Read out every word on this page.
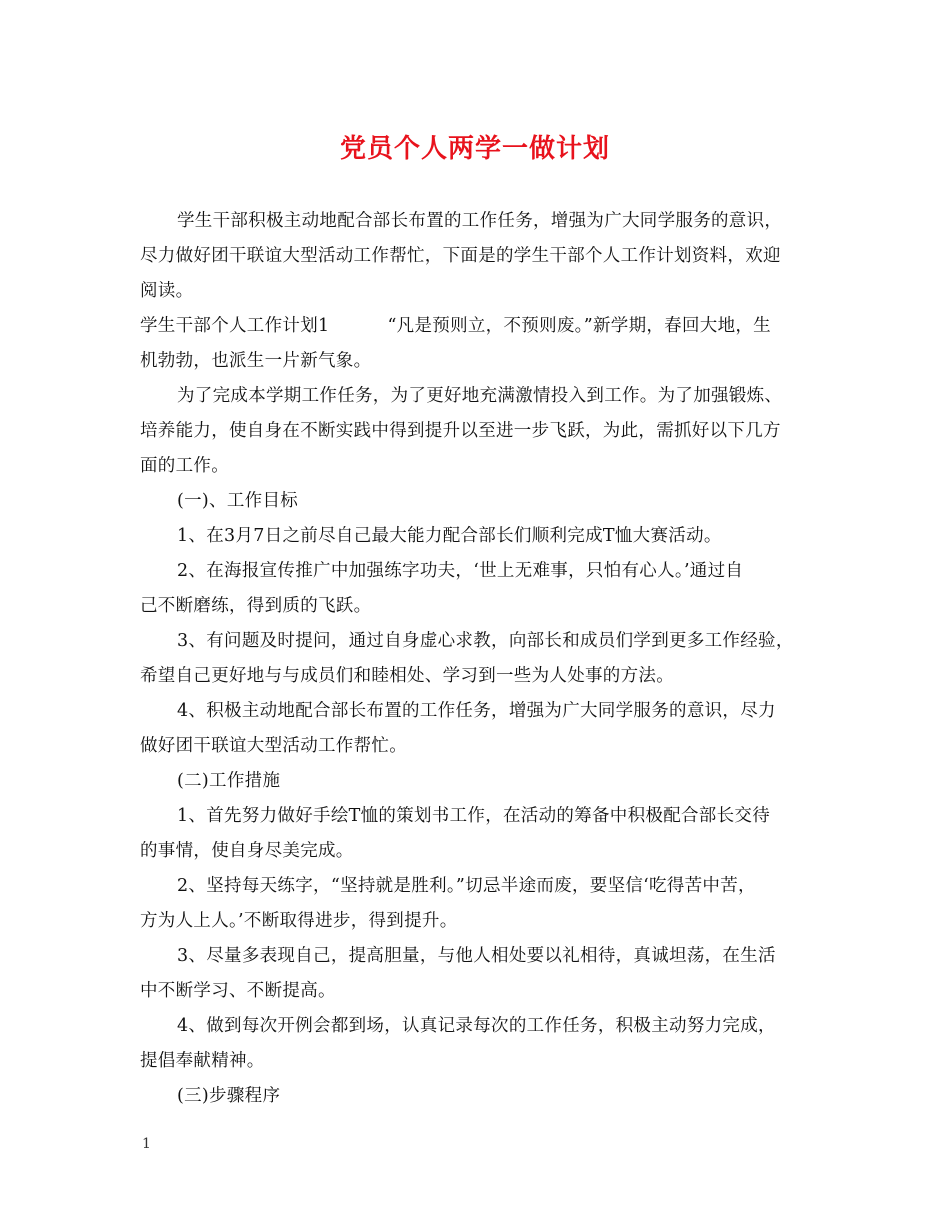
党员个人两学一做计划
学生干部积极主动地配合部长布置的工作任务，增强为广大同学服务的意识，
尽力做好团干联谊大型活动工作帮忙，下面是的学生干部个人工作计划资料，欢迎
阅读。
学生干部个人工作计划1	“凡是预则立，不预则废。”新学期，春回大地，生
机勃勃，也派生一片新气象。
为了完成本学期工作任务，为了更好地充满激情投入到工作。为了加强锻炼、
培养能力，使自身在不断实践中得到提升以至进一步飞跃，为此，需抓好以下几方
面的工作。
(一)、工作目标
1、在3月7日之前尽自己最大能力配合部长们顺利完成T恤大赛活动。
2、在海报宣传推广中加强练字功夫，‘世上无难事，只怕有心人。’通过自
己不断磨练，得到质的飞跃。
3、有问题及时提问，通过自身虚心求教，向部长和成员们学到更多工作经验，
希望自己更好地与与成员们和睦相处、学习到一些为人处事的方法。
4、积极主动地配合部长布置的工作任务，增强为广大同学服务的意识，尽力
做好团干联谊大型活动工作帮忙。
(二)工作措施
1、首先努力做好手绘T恤的策划书工作，在活动的筹备中积极配合部长交待
的事情，使自身尽美完成。
2、坚持每天练字，“坚持就是胜利。”切忌半途而废，要坚信‘吃得苦中苦，
方为人上人。’不断取得进步，得到提升。
3、尽量多表现自己，提高胆量，与他人相处要以礼相待，真诚坦荡，在生活
中不断学习、不断提高。
4、做到每次开例会都到场，认真记录每次的工作任务，积极主动努力完成，
提倡奉献精神。
(三)步骤程序
1
